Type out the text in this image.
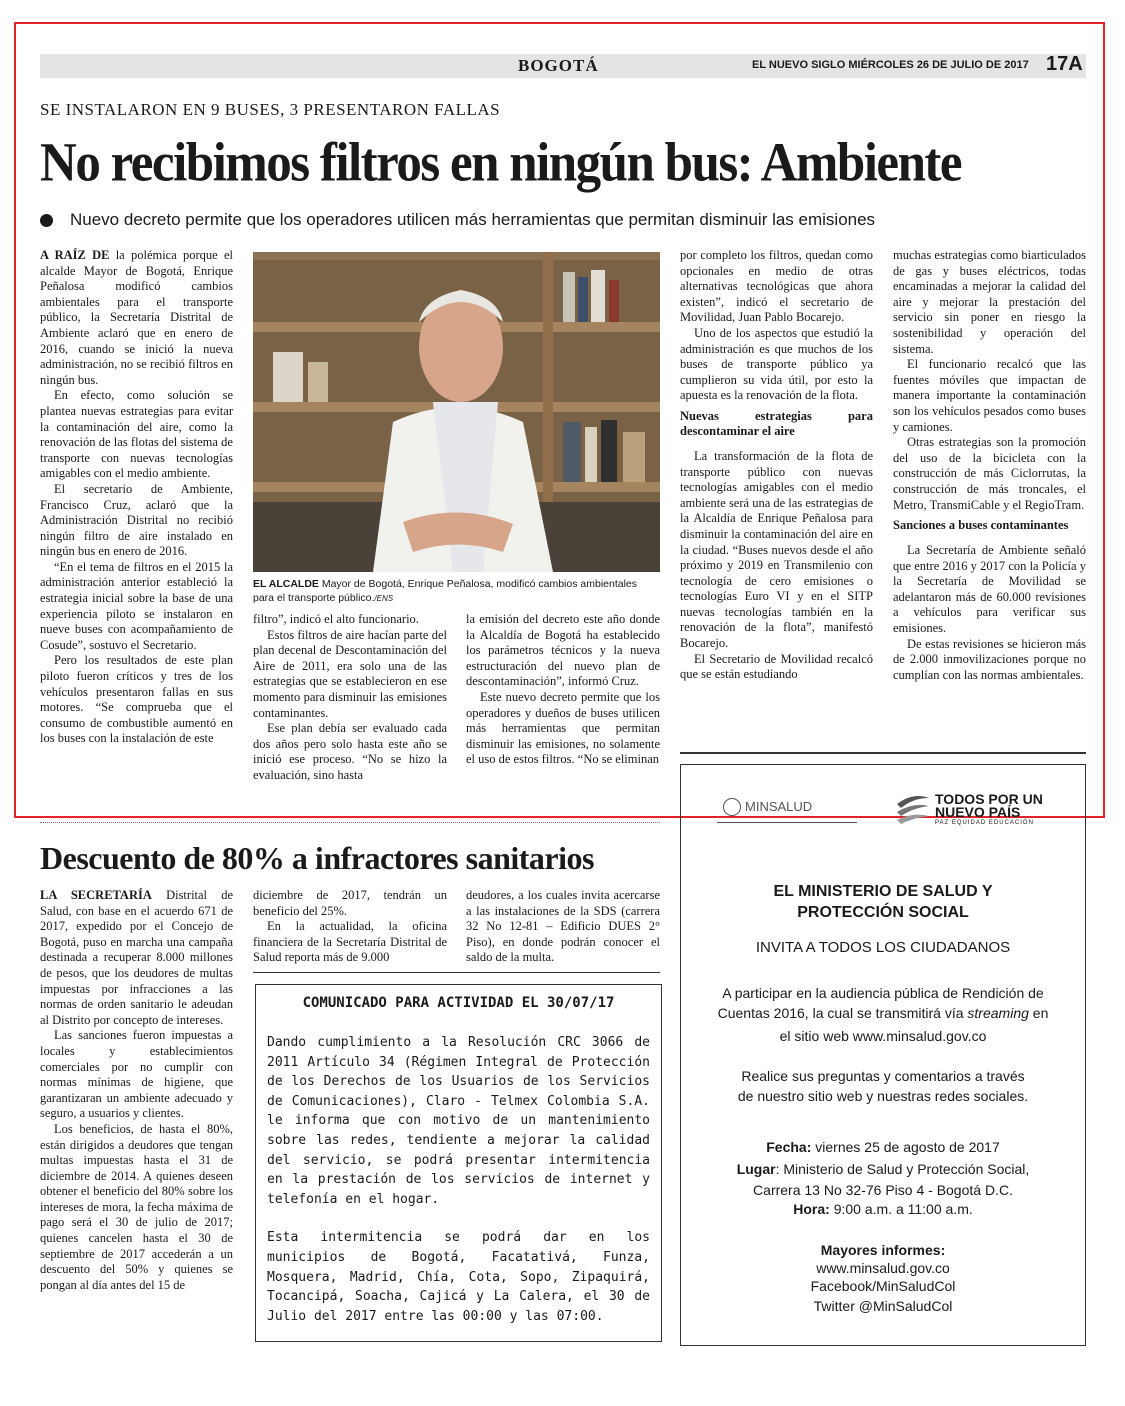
BOGOTÁ	EL NUEVO SIGLO MIÉRCOLES 26 DE JULIO DE 2017 17A
SE INSTALARON EN 9 BUSES, 3 PRESENTARON FALLAS
No recibimos filtros en ningún bus: Ambiente
Nuevo decreto permite que los operadores utilicen más herramientas que permitan disminuir las emisiones

A RAÍZ DE la polémica porque el alcalde Mayor de Bogotá, Enrique Peñalosa modificó cambios ambientales para el transporte público, la Secretaría Distrital de Ambiente aclaró que en enero de 2016, cuando se inició la nueva administración, no se recibió filtros en ningún bus.

En efecto, como solución se plantea nuevas estrategias para evitar la contaminación del aire, como la renovación de las flotas del sistema de transporte con nuevas tecnologías amigables con el medio ambiente.

El secretario de Ambiente, Francisco Cruz, aclaró que la Administración Distrital no recibió ningún filtro de aire instalado en ningún bus en enero de 2016.

“En el tema de filtros en el 2015 la administración anterior estableció la estrategia inicial sobre la base de una experiencia piloto se instalaron en nueve buses con acompañamiento de Cosude”, sostuvo el Secretario.

Pero los resultados de este plan piloto fueron críticos y tres de los vehículos presentaron fallas en sus motores. “Se comprueba que el consumo de combustible aumentó en los buses con la instalación de este

EL ALCALDE Mayor de Bogotá, Enrique Peñalosa, modificó cambios ambientales para el transporte público./ENS

filtro”, indicó el alto funcionario.

Estos filtros de aire hacían parte del plan decenal de Descontaminación del Aire de 2011, era solo una de las estrategias que se establecieron en ese momento para disminuir las emisiones contaminantes.

Ese plan debía ser evaluado cada dos años pero solo hasta este año se inició ese proceso. “No se hizo la evaluación, sino hasta

la emisión del decreto este año donde la Alcaldía de Bogotá ha establecido los parámetros técnicos y la nueva estructuración del nuevo plan de descontaminación”, informó Cruz.

Este nuevo decreto permite que los operadores y dueños de buses utilicen más herramientas que permitan disminuir las emisiones, no solamente el uso de estos filtros. “No se eliminan

por completo los filtros, quedan como opcionales en medio de otras alternativas tecnológicas que ahora existen”, indicó el secretario de Movilidad, Juan Pablo Bocarejo.

Uno de los aspectos que estudió la administración es que muchos de los buses de transporte público ya cumplieron su vida útil, por esto la apuesta es la renovación de la flota.

Nuevas estrategias para descontaminar el aire

La transformación de la flota de transporte público con nuevas tecnologías amigables con el medio ambiente será una de las estrategias de la Alcaldía de Enrique Peñalosa para disminuir la contaminación del aire en la ciudad. “Buses nuevos desde el año próximo y 2019 en Transmilenio con tecnología de cero emisiones o tecnologías Euro VI y en el SITP nuevas tecnologías también en la renovación de la flota”, manifestó Bocarejo.

El Secretario de Movilidad recalcó que se están estudiando

muchas estrategias como biarticulados de gas y buses eléctricos, todas encaminadas a mejorar la calidad del aire y mejorar la prestación del servicio sin poner en riesgo la sostenibilidad y operación del sistema.

El funcionario recalcó que las fuentes móviles que impactan de manera importante la contaminación son los vehículos pesados como buses y camiones.

Otras estrategias son la promoción del uso de la bicicleta con la construcción de más Ciclorrutas, la construcción de más troncales, el Metro, TransmiCable y el RegioTram.

Sanciones a buses contaminantes

La Secretaría de Ambiente señaló que entre 2016 y 2017 con la Policía y la Secretaría de Movilidad se adelantaron más de 60.000 revisiones a vehículos para verificar sus emisiones.

De estas revisiones se hicieron más de 2.000 inmovilizaciones porque no cumplían con las normas ambientales.

Descuento de 80% a infractores sanitarios

LA SECRETARÍA Distrital de Salud, con base en el acuerdo 671 de 2017, expedido por el Concejo de Bogotá, puso en marcha una campaña destinada a recuperar 8.000 millones de pesos, que los deudores de multas impuestas por infracciones a las normas de orden sanitario le adeudan al Distrito por concepto de intereses.

Las sanciones fueron impuestas a locales y establecimientos comerciales por no cumplir con normas mínimas de higiene, que garantizaran un ambiente adecuado y seguro, a usuarios y clientes.

Los beneficios, de hasta el 80%, están dirigidos a deudores que tengan multas impuestas hasta el 31 de diciembre de 2014. A quienes deseen obtener el beneficio del 80% sobre los intereses de mora, la fecha máxima de pago será el 30 de julio de 2017; quienes cancelen hasta el 30 de septiembre de 2017 accederán a un descuento del 50% y quienes se pongan al día antes del 15 de

diciembre de 2017, tendrán un beneficio del 25%.

En la actualidad, la oficina financiera de la Secretaría Distrital de Salud reporta más de 9.000

deudores, a los cuales invita acercarse a las instalaciones de la SDS (carrera 32 No 12-81 – Edificio DUES 2° Piso), en donde podrán conocer el saldo de la multa.

COMUNICADO PARA ACTIVIDAD EL 30/07/17

Dando cumplimiento a la Resolución CRC 3066 de 2011 Artículo 34 (Régimen Integral de Protección de los Derechos de los Usuarios de los Servicios de Comunicaciones), Claro - Telmex Colombia S.A. le informa que con motivo de un mantenimiento sobre las redes, tendiente a mejorar la calidad del servicio, se podrá presentar intermitencia en la prestación de los servicios de internet y telefonía en el hogar.

Esta intermitencia se podrá dar en los municipios de Bogotá, Facatativá, Funza, Mosquera, Madrid, Chía, Cota, Sopo, Zipaquirá, Tocancipá, Soacha, Cajicá y La Calera, el 30 de Julio del 2017 entre las 00:00 y las 07:00.

MINSALUD	TODOS POR UN
NUEVO PAÍS
PAZ EQUIDAD EDUCACIÓN
EL MINISTERIO DE SALUD Y
PROTECCIÓN SOCIAL
INVITA A TODOS LOS CIUDADANOS
A participar en la audiencia pública de Rendición de
Cuentas 2016, la cual se transmitirá vía streaming en
el sitio web www.minsalud.gov.co
Realice sus preguntas y comentarios a través
de nuestro sitio web y nuestras redes sociales.
Fecha: viernes 25 de agosto de 2017
Lugar: Ministerio de Salud y Protección Social,
Carrera 13 No 32-76 Piso 4 - Bogotá D.C.
Hora: 9:00 a.m. a 11:00 a.m.
Mayores informes:
www.minsalud.gov.co
Facebook/MinSaludCol
Twitter @MinSaludCol
